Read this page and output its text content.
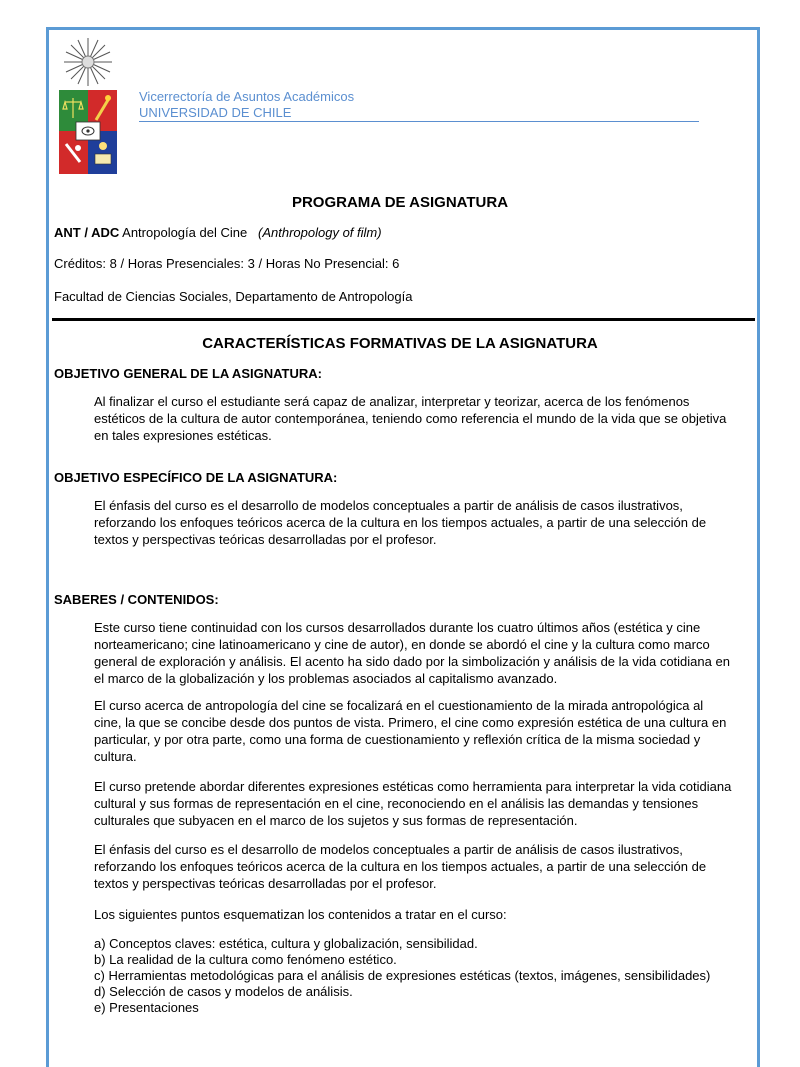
Vicerrectoría de Asuntos Académicos
UNIVERSIDAD DE CHILE
PROGRAMA DE ASIGNATURA
ANT / ADC Antropología del Cine (Anthropology of film)
Créditos: 8 / Horas Presenciales: 3 / Horas No Presencial: 6
Facultad de Ciencias Sociales, Departamento de Antropología
CARACTERÍSTICAS FORMATIVAS DE LA ASIGNATURA
OBJETIVO GENERAL DE LA ASIGNATURA:
Al finalizar el curso el estudiante será capaz de analizar, interpretar y teorizar, acerca de los fenómenos estéticos de la cultura de autor contemporánea, teniendo como referencia el mundo de la vida que se objetiva en tales expresiones estéticas.
OBJETIVO ESPECÍFICO DE LA ASIGNATURA:
El énfasis del curso es el desarrollo de modelos conceptuales a partir de análisis de casos ilustrativos, reforzando los enfoques teóricos acerca de la cultura en los tiempos actuales, a partir de una selección de textos y perspectivas teóricas desarrolladas por el profesor.
SABERES / CONTENIDOS:
Este curso tiene continuidad con los cursos desarrollados durante los cuatro últimos años (estética y cine norteamericano; cine latinoamericano y cine de autor), en donde se abordó el cine y la cultura como marco general de exploración y análisis. El acento ha sido dado por la simbolización y análisis de la vida cotidiana en el marco de la globalización y los problemas asociados al capitalismo avanzado.
El curso acerca de antropología del cine se focalizará en el cuestionamiento de la mirada antropológica al cine, la que se concibe desde dos puntos de vista. Primero, el cine como expresión estética de una cultura en particular, y por otra parte, como una forma de cuestionamiento y reflexión crítica de la misma sociedad y cultura.
El curso pretende abordar diferentes expresiones estéticas como herramienta para interpretar la vida cotidiana cultural y sus formas de representación en el cine, reconociendo en el análisis las demandas y tensiones culturales que subyacen en el marco de los sujetos y sus formas de representación.
El énfasis del curso es el desarrollo de modelos conceptuales a partir de análisis de casos ilustrativos, reforzando los enfoques teóricos acerca de la cultura en los tiempos actuales, a partir de una selección de textos y perspectivas teóricas desarrolladas por el profesor.
Los siguientes puntos esquematizan los contenidos a tratar en el curso:
a) Conceptos claves: estética, cultura y globalización, sensibilidad.
b) La realidad de la cultura como fenómeno estético.
c) Herramientas metodológicas para el análisis de expresiones estéticas (textos, imágenes, sensibilidades)
d) Selección de casos y modelos de análisis.
e) Presentaciones
